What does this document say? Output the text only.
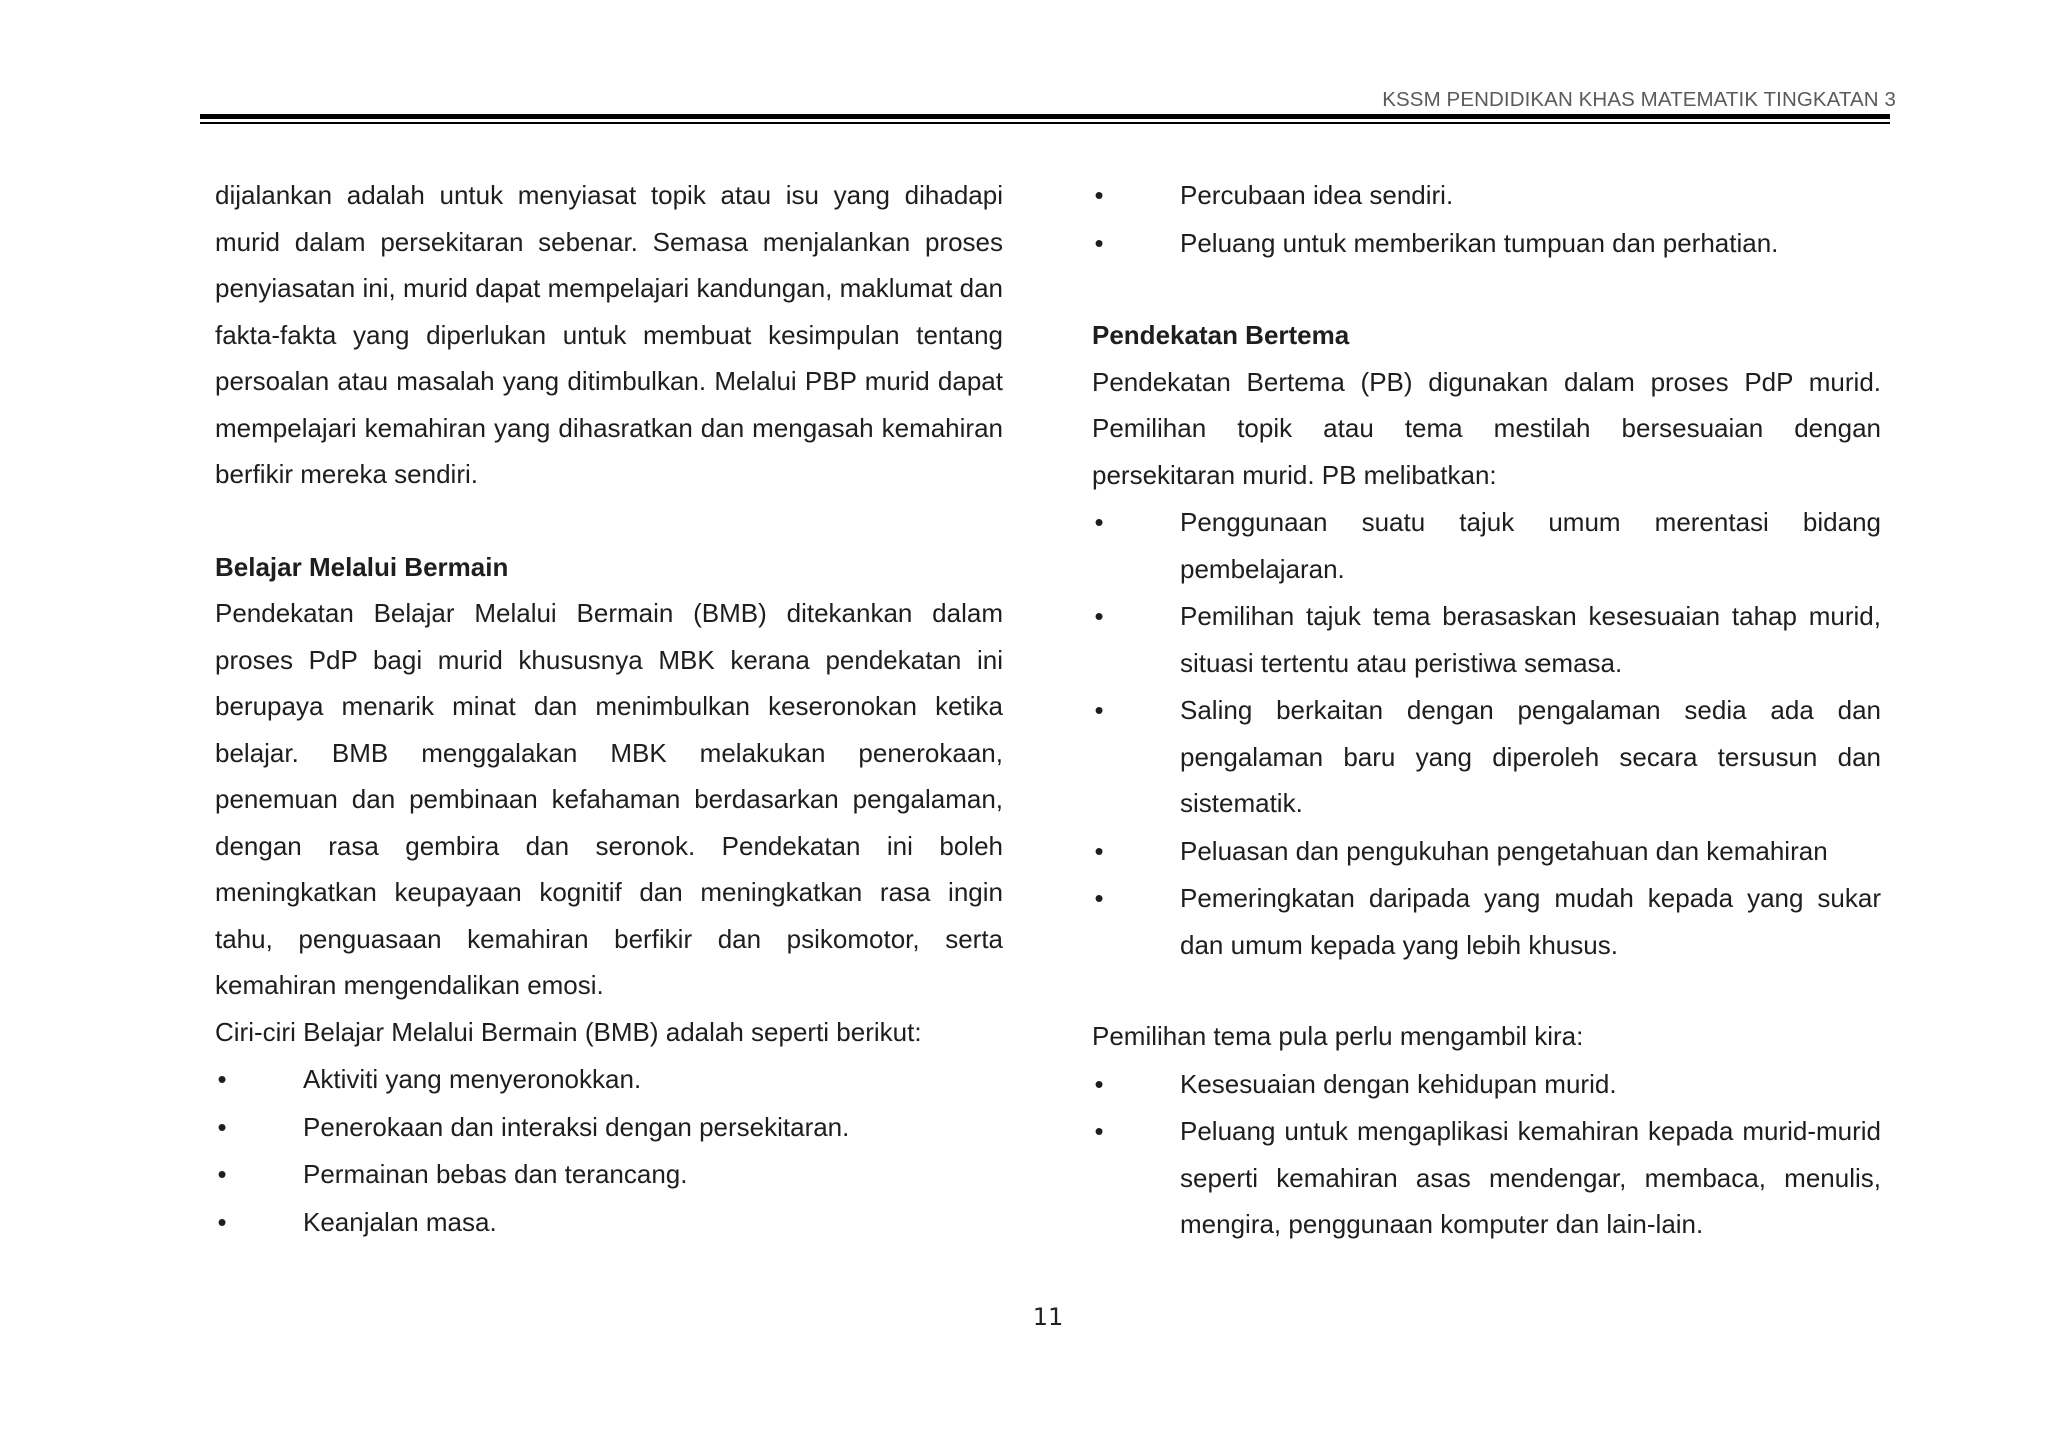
KSSM PENDIDIKAN KHAS MATEMATIK TINGKATAN 3

dijalankan adalah untuk menyiasat topik atau isu yang dihadapi murid dalam persekitaran sebenar. Semasa menjalankan proses penyiasatan ini, murid dapat mempelajari kandungan, maklumat dan fakta-fakta yang diperlukan untuk membuat kesimpulan tentang persoalan atau masalah yang ditimbulkan. Melalui PBP murid dapat mempelajari kemahiran yang dihasratkan dan mengasah kemahiran berfikir mereka sendiri.

Belajar Melalui Bermain

Pendekatan Belajar Melalui Bermain (BMB) ditekankan dalam proses PdP bagi murid khususnya MBK kerana pendekatan ini berupaya menarik minat dan menimbulkan keseronokan ketika belajar. BMB menggalakan MBK melakukan penerokaan, penemuan dan pembinaan kefahaman berdasarkan pengalaman, dengan rasa gembira dan seronok. Pendekatan ini boleh meningkatkan keupayaan kognitif dan meningkatkan rasa ingin tahu, penguasaan kemahiran berfikir dan psikomotor, serta kemahiran mengendalikan emosi.

Ciri-ciri Belajar Melalui Bermain (BMB) adalah seperti berikut:

•	Aktiviti yang menyeronokkan.
•	Penerokaan dan interaksi dengan persekitaran.
•	Permainan bebas dan terancang.
•	Keanjalan masa.
•	Percubaan idea sendiri.
•	Peluang untuk memberikan tumpuan dan perhatian.

Pendekatan Bertema

Pendekatan Bertema (PB) digunakan dalam proses PdP murid. Pemilihan topik atau tema mestilah bersesuaian dengan persekitaran murid. PB melibatkan:

•	Penggunaan suatu tajuk umum merentasi bidang pembelajaran.
•	Pemilihan tajuk tema berasaskan kesesuaian tahap murid, situasi tertentu atau peristiwa semasa.
•	Saling berkaitan dengan pengalaman sedia ada dan pengalaman baru yang diperoleh secara tersusun dan sistematik.
•	Peluasan dan pengukuhan pengetahuan dan kemahiran
•	Pemeringkatan daripada yang mudah kepada yang sukar dan umum kepada yang lebih khusus.

Pemilihan tema pula perlu mengambil kira:

•	Kesesuaian dengan kehidupan murid.
•	Peluang untuk mengaplikasi kemahiran kepada murid-murid seperti kemahiran asas mendengar, membaca, menulis, mengira, penggunaan komputer dan lain-lain.
11
